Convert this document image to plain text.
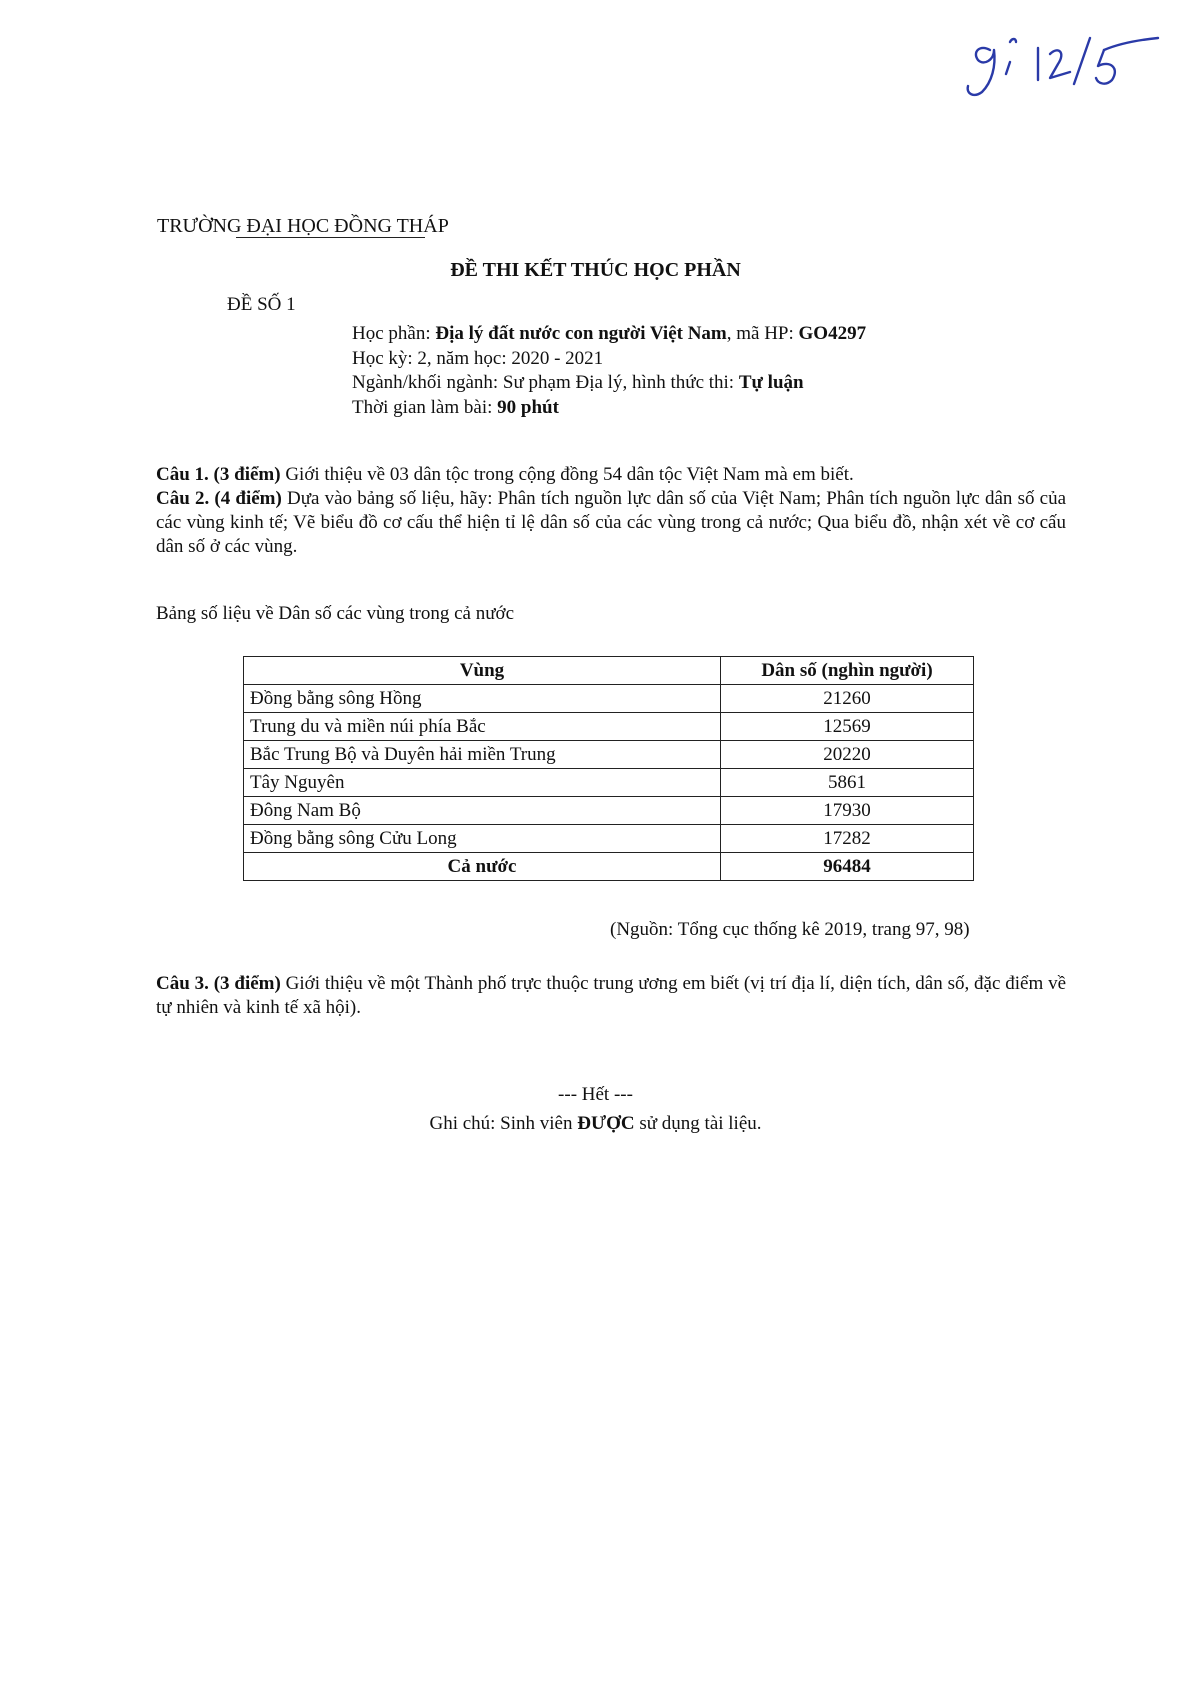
TRƯỜNG ĐẠI HỌC ĐỒNG THÁP
ĐỀ THI KẾT THÚC HỌC PHẦN
ĐỀ SỐ 1
Học phần: Địa lý đất nước con người Việt Nam, mã HP: GO4297
Học kỳ: 2, năm học: 2020 - 2021
Ngành/khối ngành: Sư phạm Địa lý, hình thức thi: Tự luận
Thời gian làm bài: 90 phút
Câu 1. (3 điểm) Giới thiệu về 03 dân tộc trong cộng đồng 54 dân tộc Việt Nam mà em biết.
Câu 2. (4 điểm) Dựa vào bảng số liệu, hãy: Phân tích nguồn lực dân số của Việt Nam; Phân tích nguồn lực dân số của các vùng kinh tế; Vẽ biểu đồ cơ cấu thể hiện tỉ lệ dân số của các vùng trong cả nước; Qua biểu đồ, nhận xét về cơ cấu dân số ở các vùng.
Bảng số liệu về Dân số các vùng trong cả nước
Vùng	Dân số (nghìn người)
Đồng bằng sông Hồng	21260
Trung du và miền núi phía Bắc	12569
Bắc Trung Bộ và Duyên hải miền Trung	20220
Tây Nguyên	5861
Đông Nam Bộ	17930
Đồng bằng sông Cửu Long	17282
Cả nước	96484
(Nguồn: Tổng cục thống kê 2019, trang 97, 98)
Câu 3. (3 điểm) Giới thiệu về một Thành phố trực thuộc trung ương em biết (vị trí địa lí, diện tích, dân số, đặc điểm về tự nhiên và kinh tế xã hội).
--- Hết ---
Ghi chú: Sinh viên ĐƯỢC sử dụng tài liệu.
